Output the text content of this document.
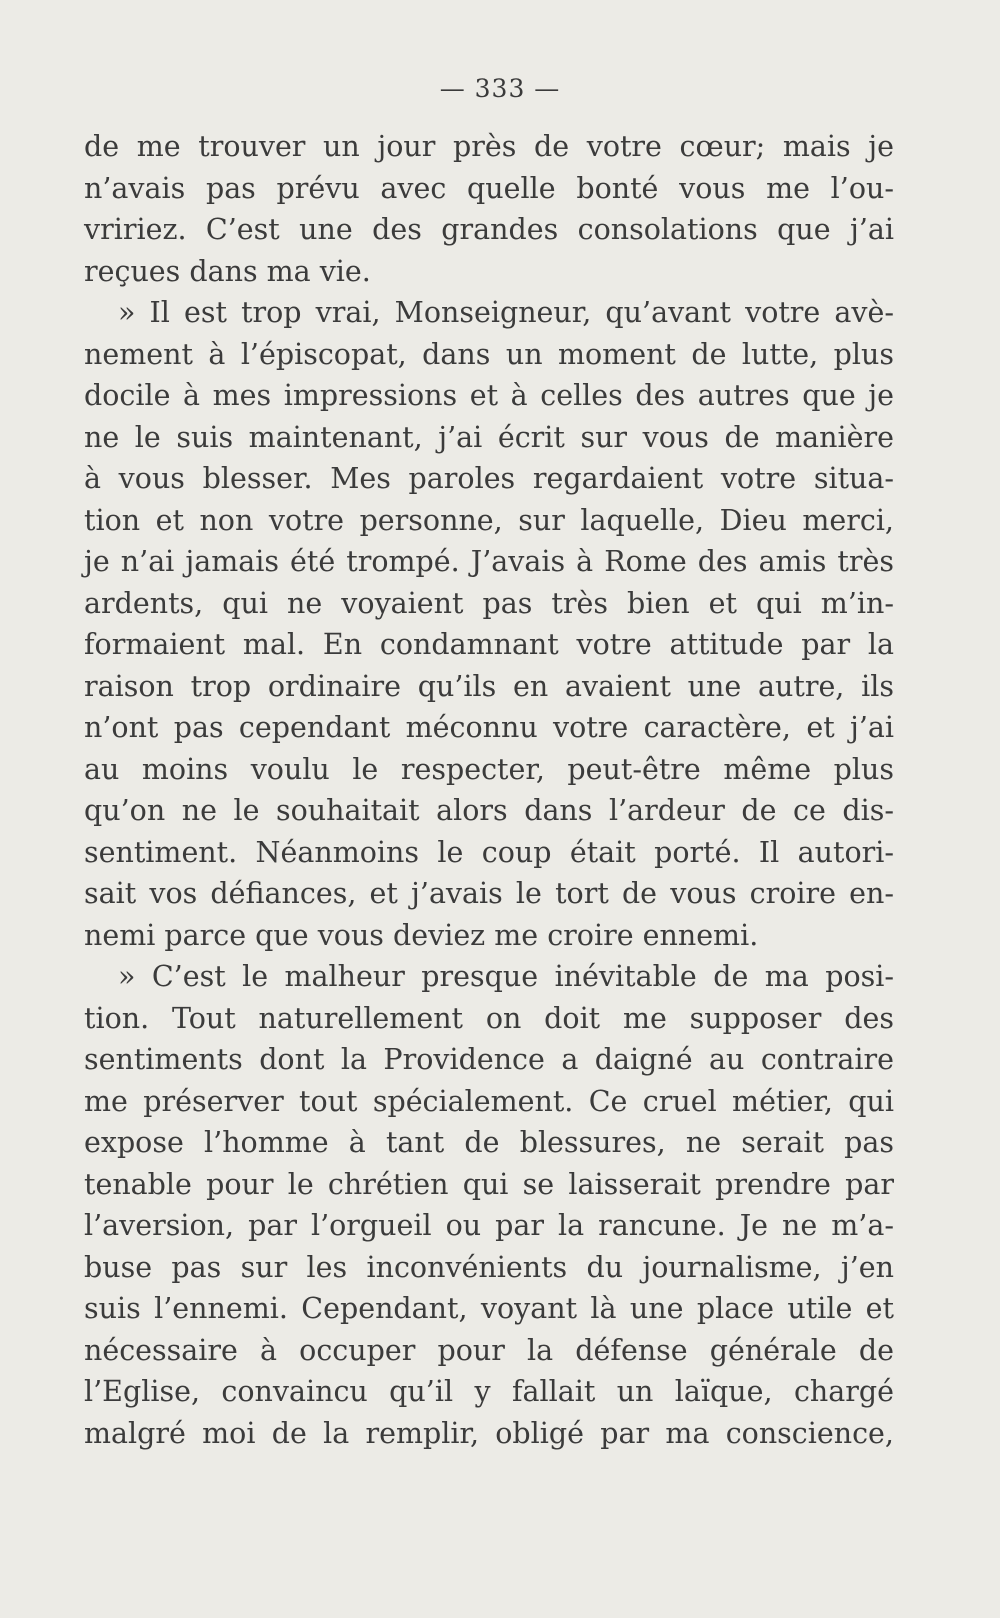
— 333 —
de me trouver un jour près de votre cœur; mais je
n’avais pas prévu avec quelle bonté vous me l’ou-
vririez. C’est une des grandes consolations que j’ai
reçues dans ma vie.
» Il est trop vrai, Monseigneur, qu’avant votre avè-
nement à l’épiscopat, dans un moment de lutte, plus
docile à mes impressions et à celles des autres que je
ne le suis maintenant, j’ai écrit sur vous de manière
à vous blesser. Mes paroles regardaient votre situa-
tion et non votre personne, sur laquelle, Dieu merci,
je n’ai jamais été trompé. J’avais à Rome des amis très
ardents, qui ne voyaient pas très bien et qui m’in-
formaient mal. En condamnant votre attitude par la
raison trop ordinaire qu’ils en avaient une autre, ils
n’ont pas cependant méconnu votre caractère, et j’ai
au moins voulu le respecter, peut-être même plus
qu’on ne le souhaitait alors dans l’ardeur de ce dis-
sentiment. Néanmoins le coup était porté. Il autori-
sait vos défiances, et j’avais le tort de vous croire en-
nemi parce que vous deviez me croire ennemi.
» C’est le malheur presque inévitable de ma posi-
tion. Tout naturellement on doit me supposer des
sentiments dont la Providence a daigné au contraire
me préserver tout spécialement. Ce cruel métier, qui
expose l’homme à tant de blessures, ne serait pas
tenable pour le chrétien qui se laisserait prendre par
l’aversion, par l’orgueil ou par la rancune. Je ne m’a-
buse pas sur les inconvénients du journalisme, j’en
suis l’ennemi. Cependant, voyant là une place utile et
nécessaire à occuper pour la défense générale de
l’Eglise, convaincu qu’il y fallait un laïque, chargé
malgré moi de la remplir, obligé par ma conscience,
